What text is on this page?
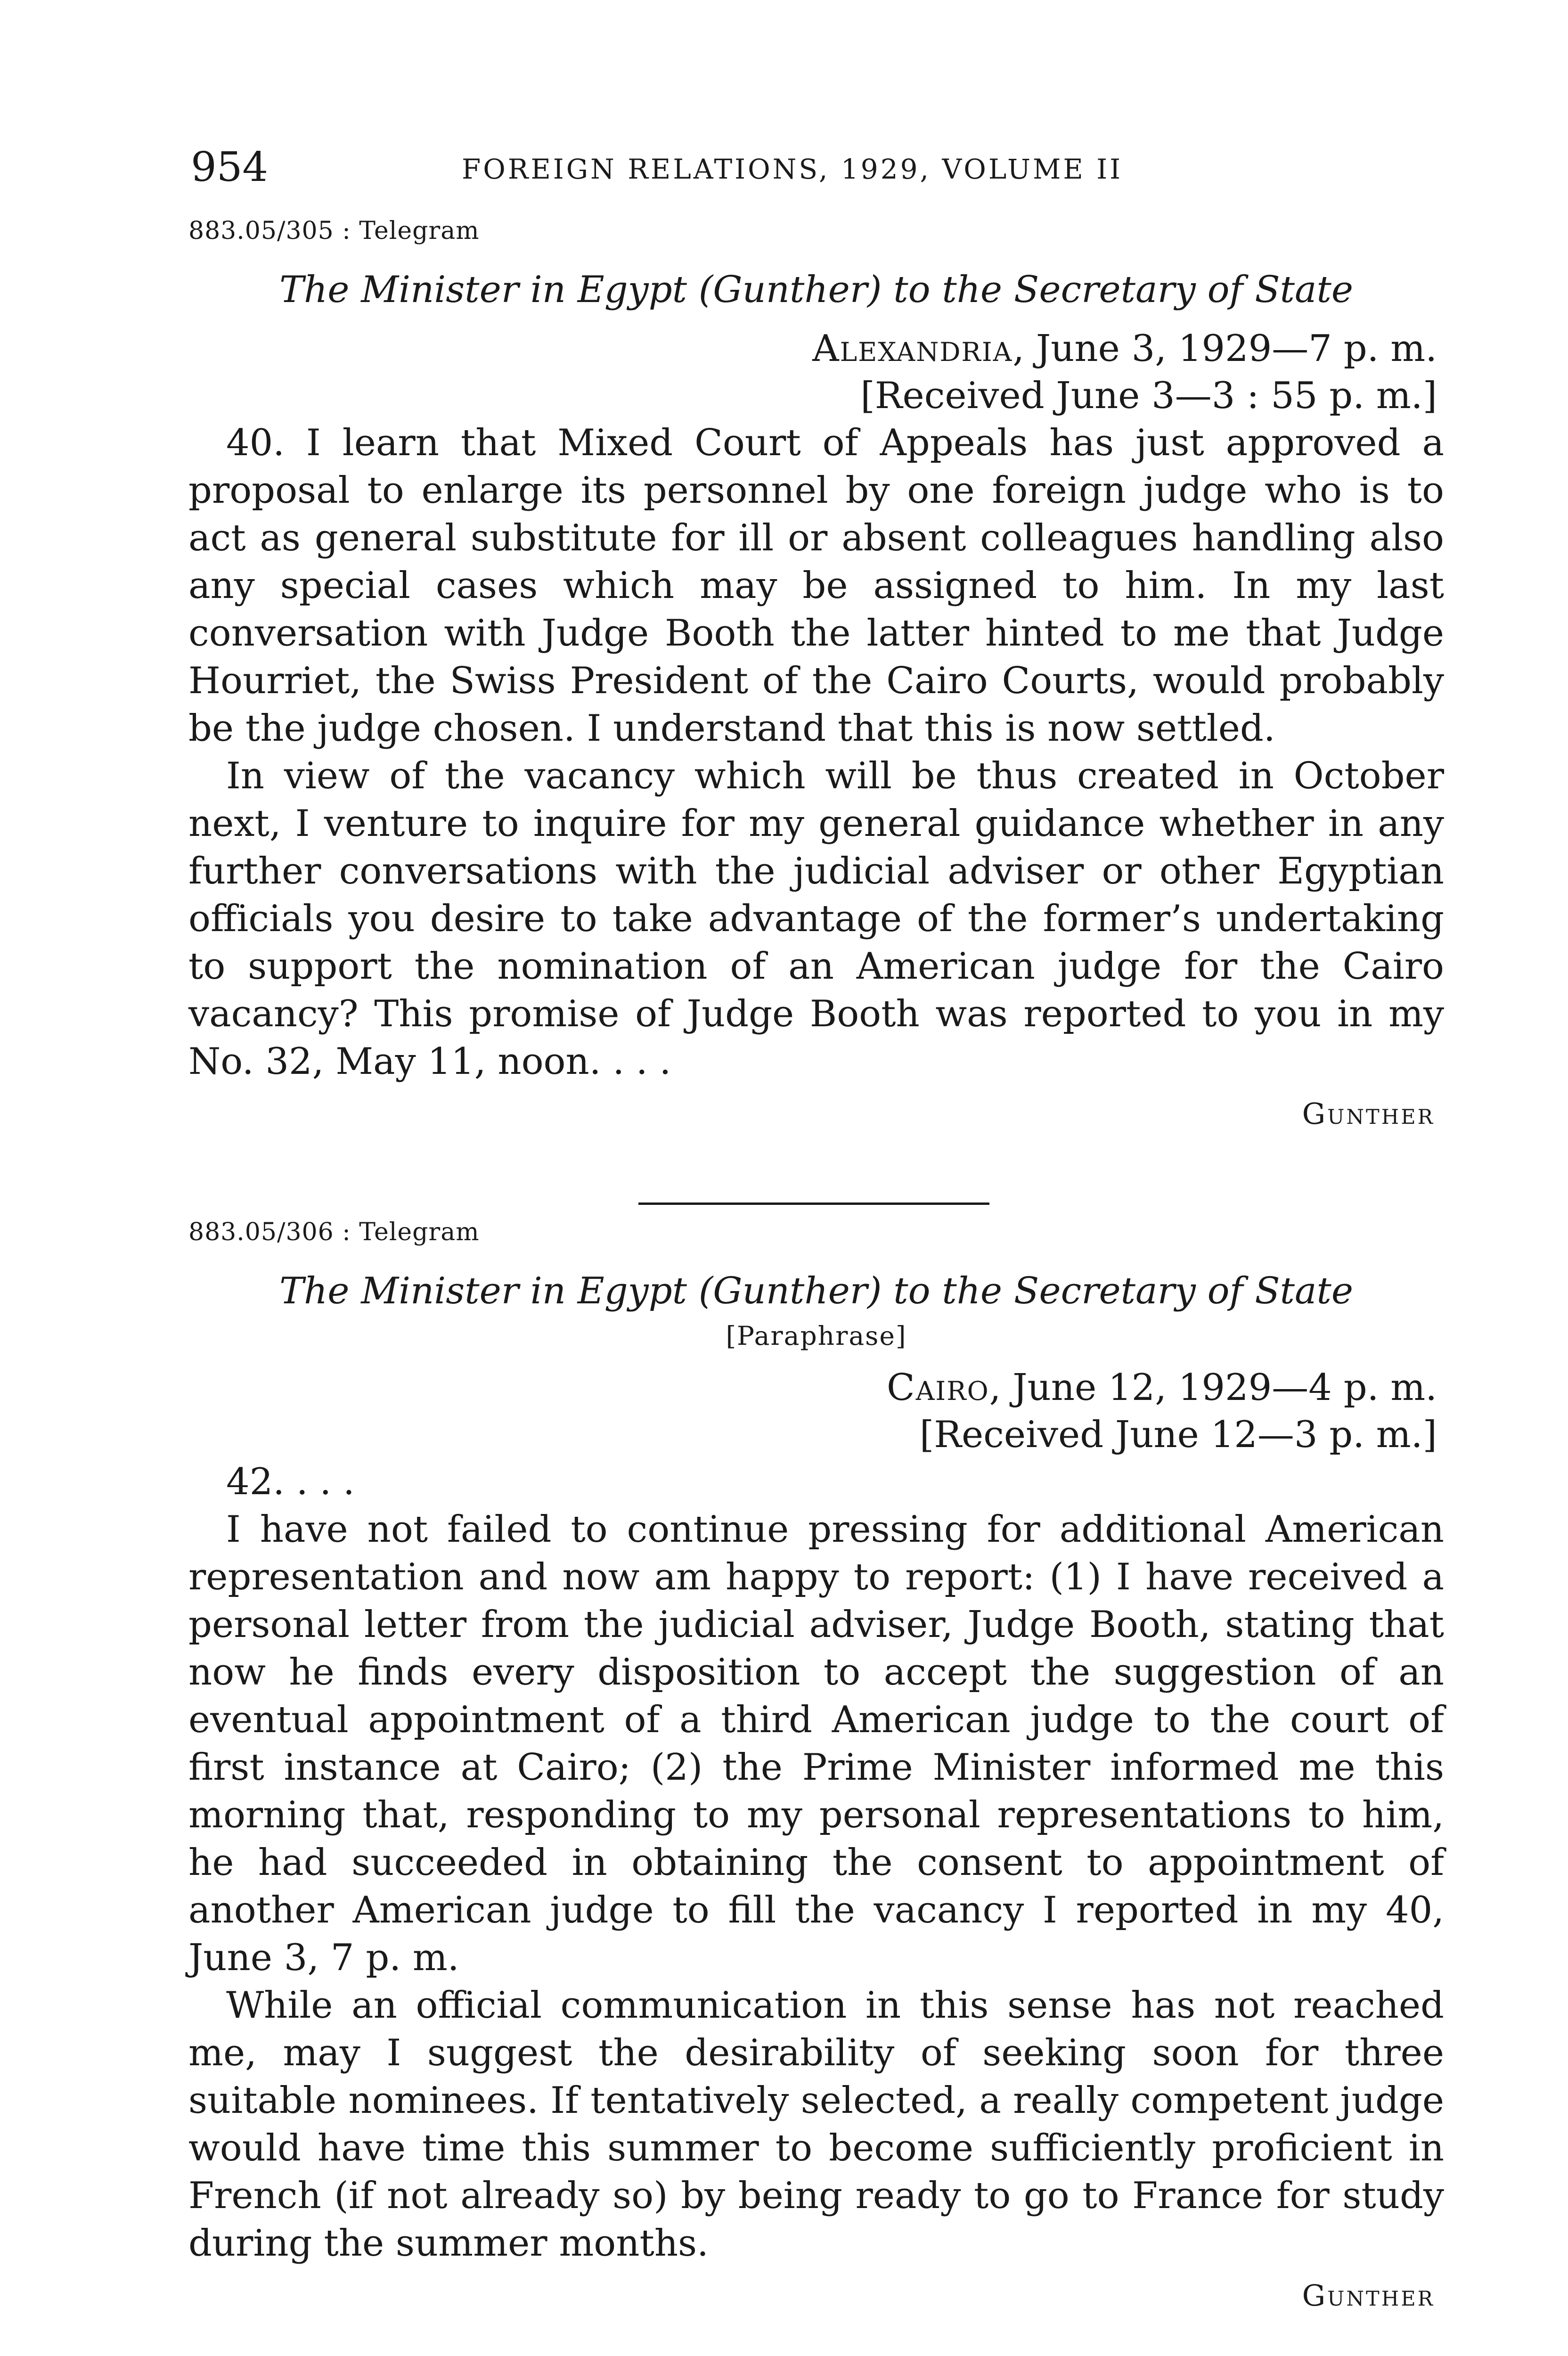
954	FOREIGN RELATIONS, 1929, VOLUME II
883.05/305 : Telegram
The Minister in Egypt (Gunther) to the Secretary of State
Alexandria, June 3, 1929—7 p. m.
[Received June 3—3 : 55 p. m.]

40. I learn that Mixed Court of Appeals has just approved a proposal to enlarge its personnel by one foreign judge who is to act as general substitute for ill or absent colleagues handling also any special cases which may be assigned to him. In my last conversation with Judge Booth the latter hinted to me that Judge Hourriet, the Swiss President of the Cairo Courts, would probably be the judge chosen. I understand that this is now settled.

In view of the vacancy which will be thus created in October next, I venture to inquire for my general guidance whether in any further conversations with the judicial adviser or other Egyptian officials you desire to take advantage of the former’s undertaking to support the nomination of an American judge for the Cairo vacancy? This promise of Judge Booth was reported to you in my No. 32, May 11, noon. . . .

Gunther
883.05/306 : Telegram
The Minister in Egypt (Gunther) to the Secretary of State
[Paraphrase]
Cairo, June 12, 1929—4 p. m.
[Received June 12—3 p. m.]
42. . . .

I have not failed to continue pressing for additional American representation and now am happy to report: (1) I have received a personal letter from the judicial adviser, Judge Booth, stating that now he finds every disposition to accept the suggestion of an eventual appointment of a third American judge to the court of first instance at Cairo; (2) the Prime Minister informed me this morning that, responding to my personal representations to him, he had succeeded in obtaining the consent to appointment of another American judge to fill the vacancy I reported in my 40, June 3, 7 p. m.

While an official communication in this sense has not reached me, may I suggest the desirability of seeking soon for three suitable nominees. If tentatively selected, a really competent judge would have time this summer to become sufficiently proficient in French (if not already so) by being ready to go to France for study during the summer months.

Gunther
